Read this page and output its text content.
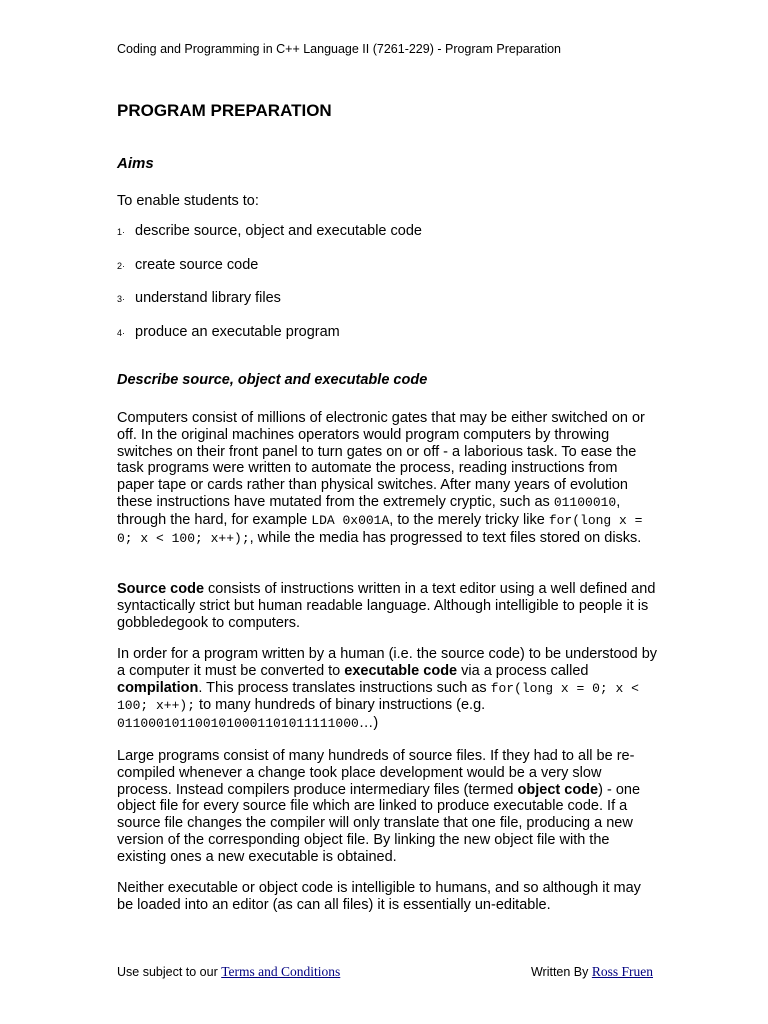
Coding and Programming in C++ Language II (7261-229) - Program Preparation
PROGRAM PREPARATION
Aims

To enable students to:

1· describe source, object and executable code
2· create source code
3· understand library files
4· produce an executable program
Describe source, object and executable code

Computers consist of millions of electronic gates that may be either switched on or off. In the original machines operators would program computers by throwing switches on their front panel to turn gates on or off - a laborious task. To ease the task programs were written to automate the process, reading instructions from paper tape or cards rather than physical switches. After many years of evolution these instructions have mutated from the extremely cryptic, such as 01100010, through the hard, for example LDA 0x001A, to the merely tricky like for(long x = 0; x < 100; x++);, while the media has progressed to text files stored on disks.

Source code consists of instructions written in a text editor using a well defined and syntactically strict but human readable language. Although intelligible to people it is gobbledegook to computers.

In order for a program written by a human (i.e. the source code) to be understood by a computer it must be converted to executable code via a process called compilation. This process translates instructions such as for(long x = 0; x < 100; x++); to many hundreds of binary instructions (e.g. 0110001011001010001101011111000…)

Large programs consist of many hundreds of source files. If they had to all be re-compiled whenever a change took place development would be a very slow process. Instead compilers produce intermediary files (termed object code) - one object file for every source file which are linked to produce executable code. If a source file changes the compiler will only translate that one file, producing a new version of the corresponding object file. By linking the new object file with the existing ones a new executable is obtained.

Neither executable or object code is intelligible to humans, and so although it may be loaded into an editor (as can all files) it is essentially un-editable.

Use subject to our Terms and Conditions	Written By Ross Fruen
